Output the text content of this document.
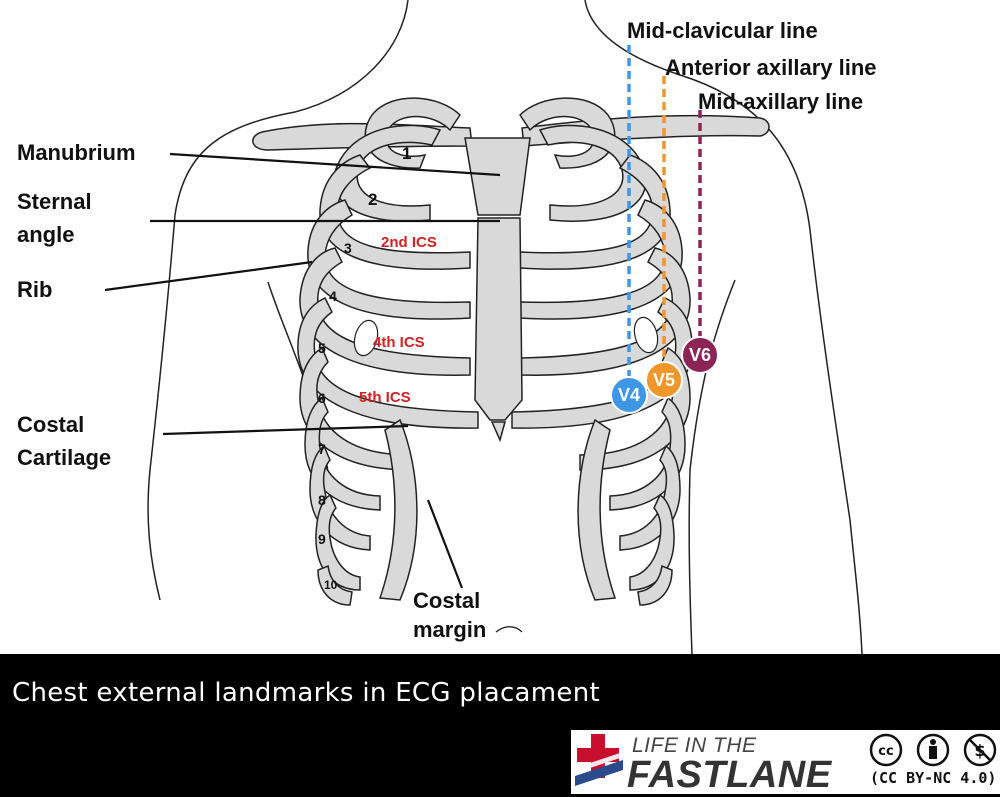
Mid-clavicular line
Anterior axillary line
Mid-axillary line
Manubrium
Sternal
angle
Rib
Costal
Cartilage
Costal
margin
2nd ICS
4th ICS
5th ICS
1
2
3
4
5
6
7
8
9
10
V4
V5
V6
Chest external landmarks in ECG placament
LIFE IN THE
FASTLANE
cc	$
(CC BY-NC 4.0)
